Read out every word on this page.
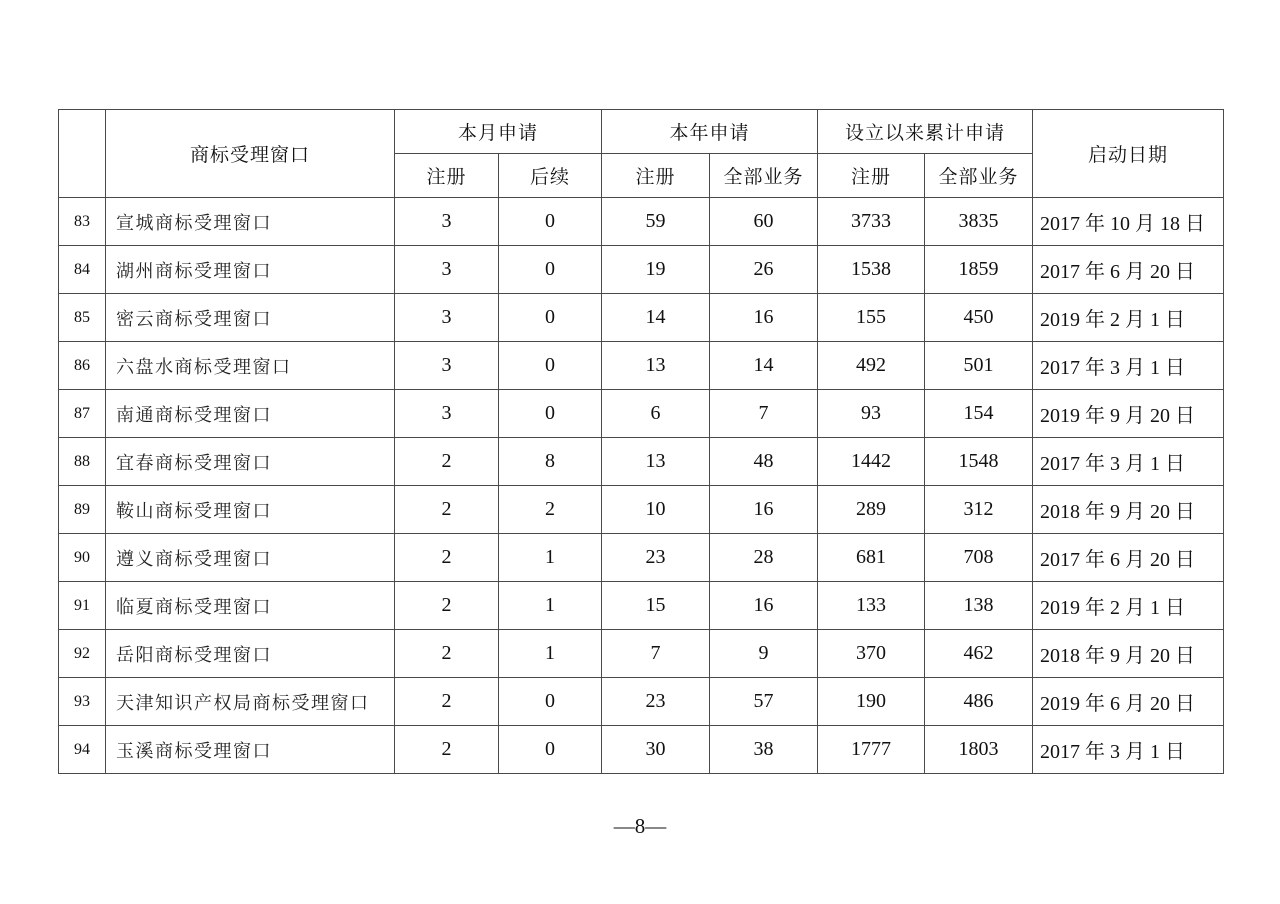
	商标受理窗口	本月申请		本年申请		设立以来累计申请		启动日期
		注册	后续	注册	全部业务	注册	全部业务	
83	宣城商标受理窗口	3	0	59	60	3733	3835	2017 年 10 月 18 日
84	湖州商标受理窗口	3	0	19	26	1538	1859	2017 年 6 月 20 日
85	密云商标受理窗口	3	0	14	16	155	450	2019 年 2 月 1 日
86	六盘水商标受理窗口	3	0	13	14	492	501	2017 年 3 月 1 日
87	南通商标受理窗口	3	0	6	7	93	154	2019 年 9 月 20 日
88	宜春商标受理窗口	2	8	13	48	1442	1548	2017 年 3 月 1 日
89	鞍山商标受理窗口	2	2	10	16	289	312	2018 年 9 月 20 日
90	遵义商标受理窗口	2	1	23	28	681	708	2017 年 6 月 20 日
91	临夏商标受理窗口	2	1	15	16	133	138	2019 年 2 月 1 日
92	岳阳商标受理窗口	2	1	7	9	370	462	2018 年 9 月 20 日
93	天津知识产权局商标受理窗口	2	0	23	57	190	486	2019 年 6 月 20 日
94	玉溪商标受理窗口	2	0	30	38	1777	1803	2017 年 3 月 1 日
—8—
